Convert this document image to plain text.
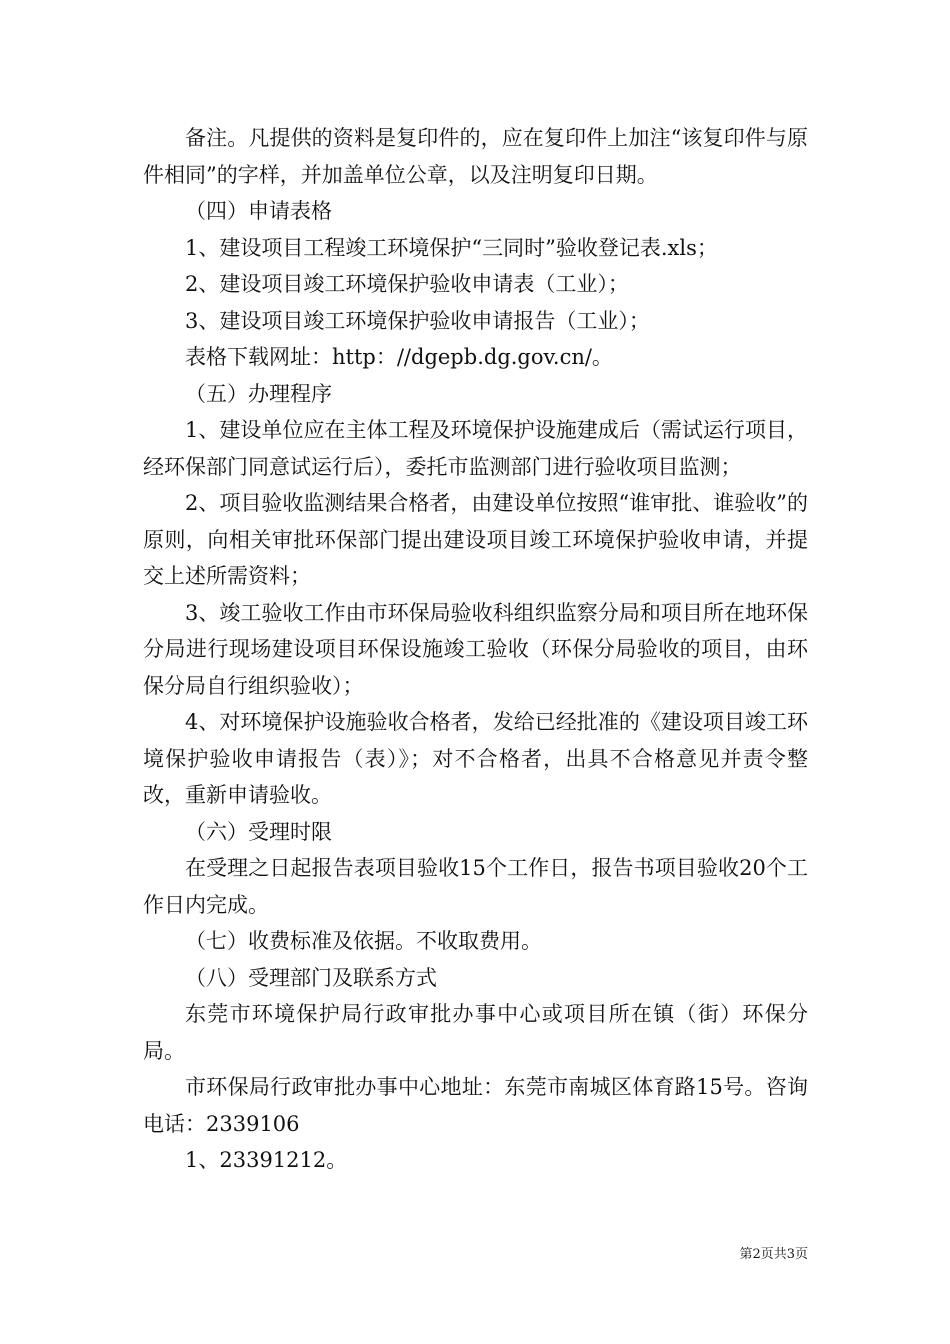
备注。凡提供的资料是复印件的，应在复印件上加注“该复印件与原件相同”的字样，并加盖单位公章，以及注明复印日期。

（四）申请表格

1、建设项目工程竣工环境保护“三同时”验收登记表.xls；

2、建设项目竣工环境保护验收申请表（工业）；

3、建设项目竣工环境保护验收申请报告（工业）；

表格下载网址：http：//dgepb.dg.gov.cn/。

（五）办理程序

1、建设单位应在主体工程及环境保护设施建成后（需试运行项目，经环保部门同意试运行后），委托市监测部门进行验收项目监测；

2、项目验收监测结果合格者，由建设单位按照“谁审批、谁验收”的原则，向相关审批环保部门提出建设项目竣工环境保护验收申请，并提交上述所需资料；

3、竣工验收工作由市环保局验收科组织监察分局和项目所在地环保分局进行现场建设项目环保设施竣工验收（环保分局验收的项目，由环保分局自行组织验收）；

4、对环境保护设施验收合格者，发给已经批准的《建设项目竣工环境保护验收申请报告（表）》；对不合格者，出具不合格意见并责令整改，重新申请验收。

（六）受理时限

在受理之日起报告表项目验收15个工作日，报告书项目验收20个工作日内完成。

（七）收费标准及依据。不收取费用。

（八）受理部门及联系方式

东莞市环境保护局行政审批办事中心或项目所在镇（街）环保分局。

市环保局行政审批办事中心地址：东莞市南城区体育路15号。咨询电话：2339106

1、23391212。

第2页共3页
